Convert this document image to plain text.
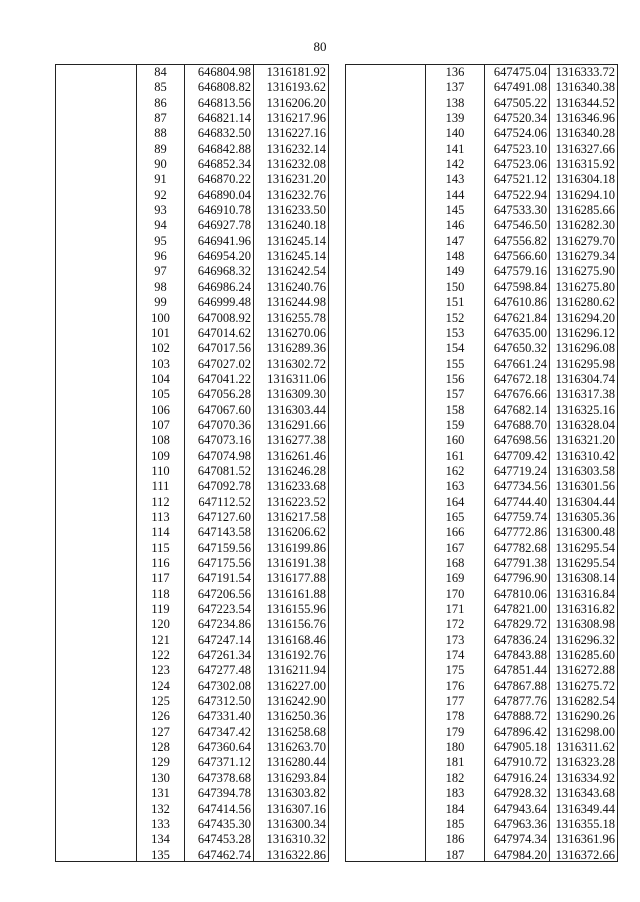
80
84
85
86
87
88
89
90
91
92
93
94
95
96
97
98
99
100
101
102
103
104
105
106
107
108
109
110
111
112
113
114
115
116
117
118
119
120
121
122
123
124
125
126
127
128
129
130
131
132
133
134
135
646804.98
646808.82
646813.56
646821.14
646832.50
646842.88
646852.34
646870.22
646890.04
646910.78
646927.78
646941.96
646954.20
646968.32
646986.24
646999.48
647008.92
647014.62
647017.56
647027.02
647041.22
647056.28
647067.60
647070.36
647073.16
647074.98
647081.52
647092.78
647112.52
647127.60
647143.58
647159.56
647175.56
647191.54
647206.56
647223.54
647234.86
647247.14
647261.34
647277.48
647302.08
647312.50
647331.40
647347.42
647360.64
647371.12
647378.68
647394.78
647414.56
647435.30
647453.28
647462.74
1316181.92
1316193.62
1316206.20
1316217.96
1316227.16
1316232.14
1316232.08
1316231.20
1316232.76
1316233.50
1316240.18
1316245.14
1316245.14
1316242.54
1316240.76
1316244.98
1316255.78
1316270.06
1316289.36
1316302.72
1316311.06
1316309.30
1316303.44
1316291.66
1316277.38
1316261.46
1316246.28
1316233.68
1316223.52
1316217.58
1316206.62
1316199.86
1316191.38
1316177.88
1316161.88
1316155.96
1316156.76
1316168.46
1316192.76
1316211.94
1316227.00
1316242.90
1316250.36
1316258.68
1316263.70
1316280.44
1316293.84
1316303.82
1316307.16
1316300.34
1316310.32
1316322.86
136
137
138
139
140
141
142
143
144
145
146
147
148
149
150
151
152
153
154
155
156
157
158
159
160
161
162
163
164
165
166
167
168
169
170
171
172
173
174
175
176
177
178
179
180
181
182
183
184
185
186
187
647475.04
647491.08
647505.22
647520.34
647524.06
647523.10
647523.06
647521.12
647522.94
647533.30
647546.50
647556.82
647566.60
647579.16
647598.84
647610.86
647621.84
647635.00
647650.32
647661.24
647672.18
647676.66
647682.14
647688.70
647698.56
647709.42
647719.24
647734.56
647744.40
647759.74
647772.86
647782.68
647791.38
647796.90
647810.06
647821.00
647829.72
647836.24
647843.88
647851.44
647867.88
647877.76
647888.72
647896.42
647905.18
647910.72
647916.24
647928.32
647943.64
647963.36
647974.34
647984.20
1316333.72
1316340.38
1316344.52
1316346.96
1316340.28
1316327.66
1316315.92
1316304.18
1316294.10
1316285.66
1316282.30
1316279.70
1316279.34
1316275.90
1316275.80
1316280.62
1316294.20
1316296.12
1316296.08
1316295.98
1316304.74
1316317.38
1316325.16
1316328.04
1316321.20
1316310.42
1316303.58
1316301.56
1316304.44
1316305.36
1316300.48
1316295.54
1316295.54
1316308.14
1316316.84
1316316.82
1316308.98
1316296.32
1316285.60
1316272.88
1316275.72
1316282.54
1316290.26
1316298.00
1316311.62
1316323.28
1316334.92
1316343.68
1316349.44
1316355.18
1316361.96
1316372.66
